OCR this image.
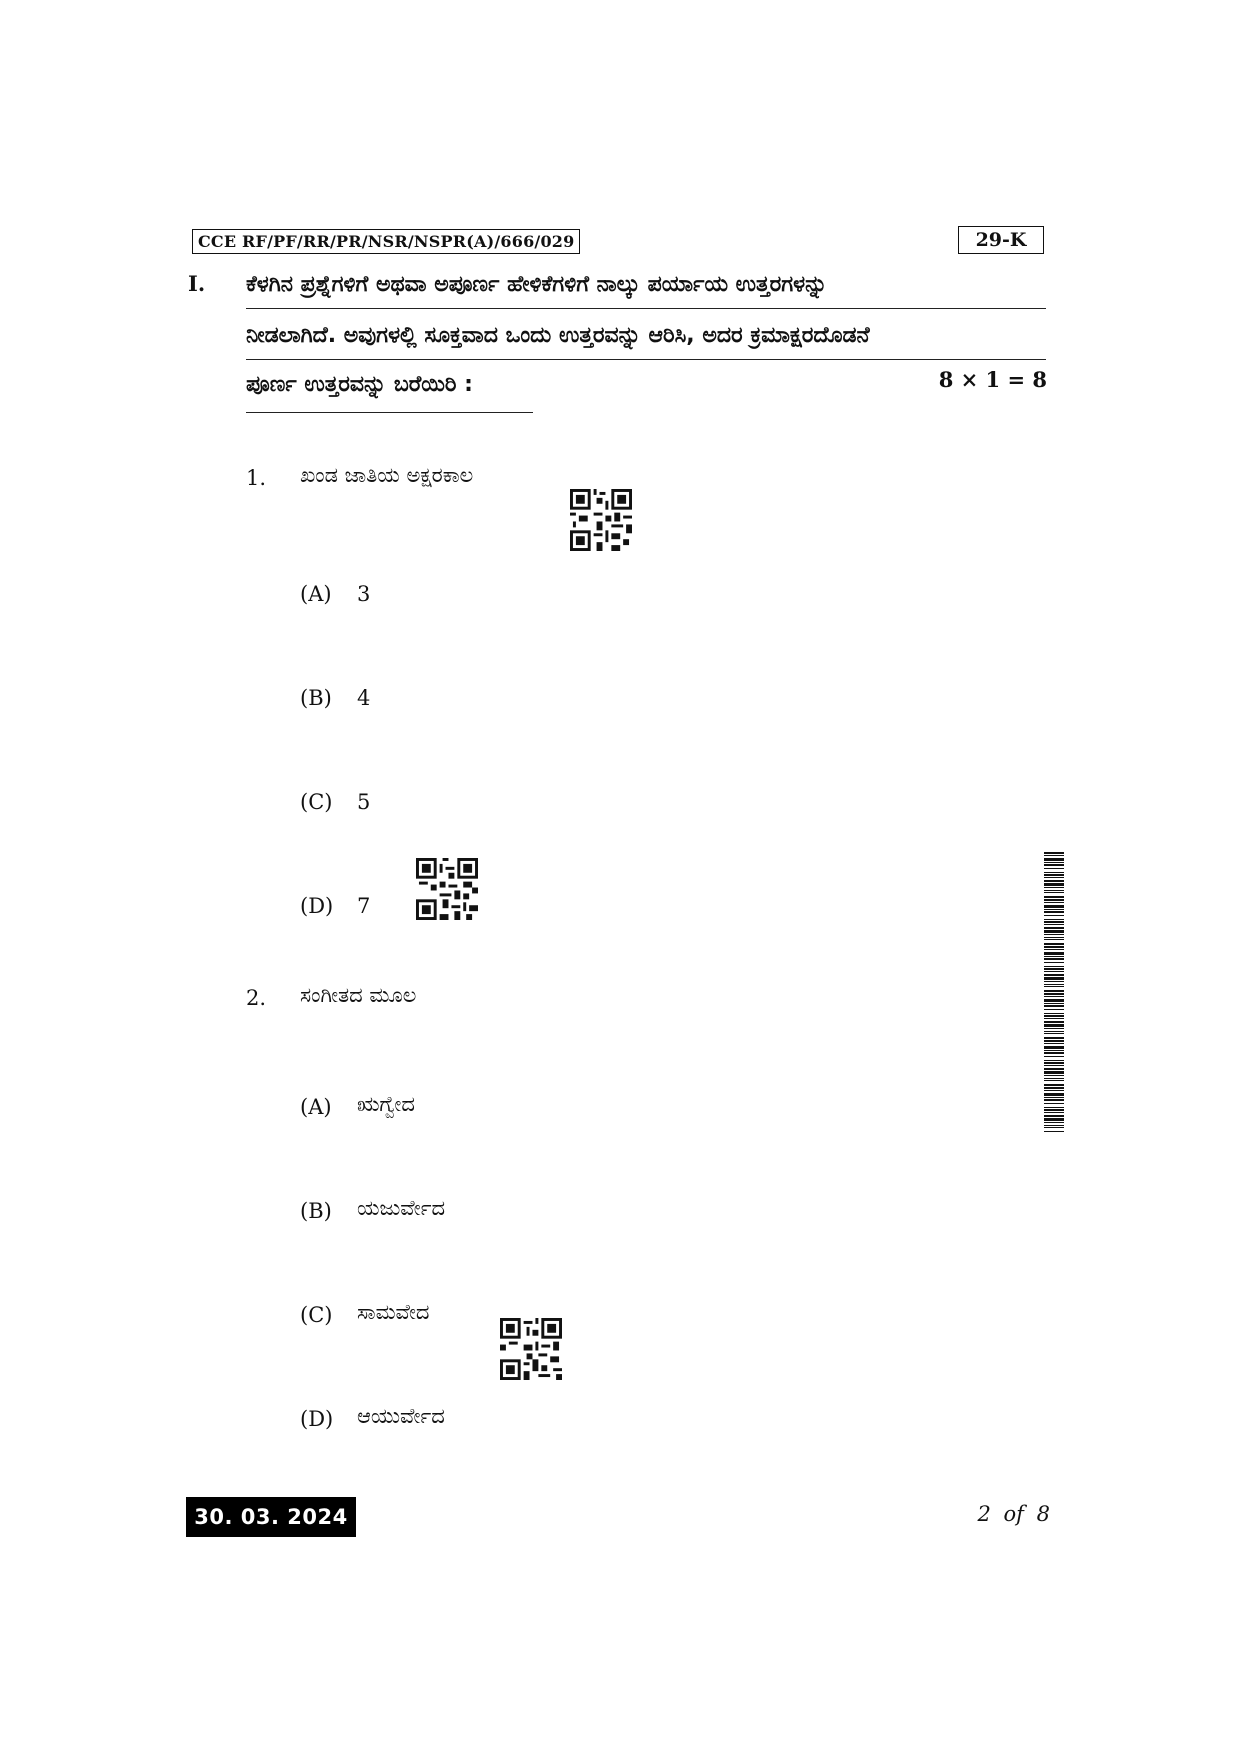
CCE RF/PF/RR/PR/NSR/NSPR(A)/666/029	29-K
I. ಕೆಳಗಿನ ಪ್ರಶ್ನೆಗಳಿಗೆ ಅಥವಾ ಅಪೂರ್ಣ ಹೇಳಿಕೆಗಳಿಗೆ ನಾಲ್ಕು ಪರ್ಯಾಯ ಉತ್ತರಗಳನ್ನು
ನೀಡಲಾಗಿದೆ. ಅವುಗಳಲ್ಲಿ ಸೂಕ್ತವಾದ ಒಂದು ಉತ್ತರವನ್ನು ಆರಿಸಿ, ಅದರ ಕ್ರಮಾಕ್ಷರದೊಡನೆ
ಪೂರ್ಣ ಉತ್ತರವನ್ನು ಬರೆಯಿರಿ :	8 × 1 = 8
1. ಖಂಡ ಜಾತಿಯ ಅಕ್ಷರಕಾಲ
(A) 3
(B) 4
(C) 5
(D) 7
2. ಸಂಗೀತದ ಮೂಲ
(A) ಋಗ್ವೇದ
(B) ಯಜುರ್ವೇದ
(C) ಸಾಮವೇದ
(D) ಆಯುರ್ವೇದ
30. 03. 2024	2 of 8
